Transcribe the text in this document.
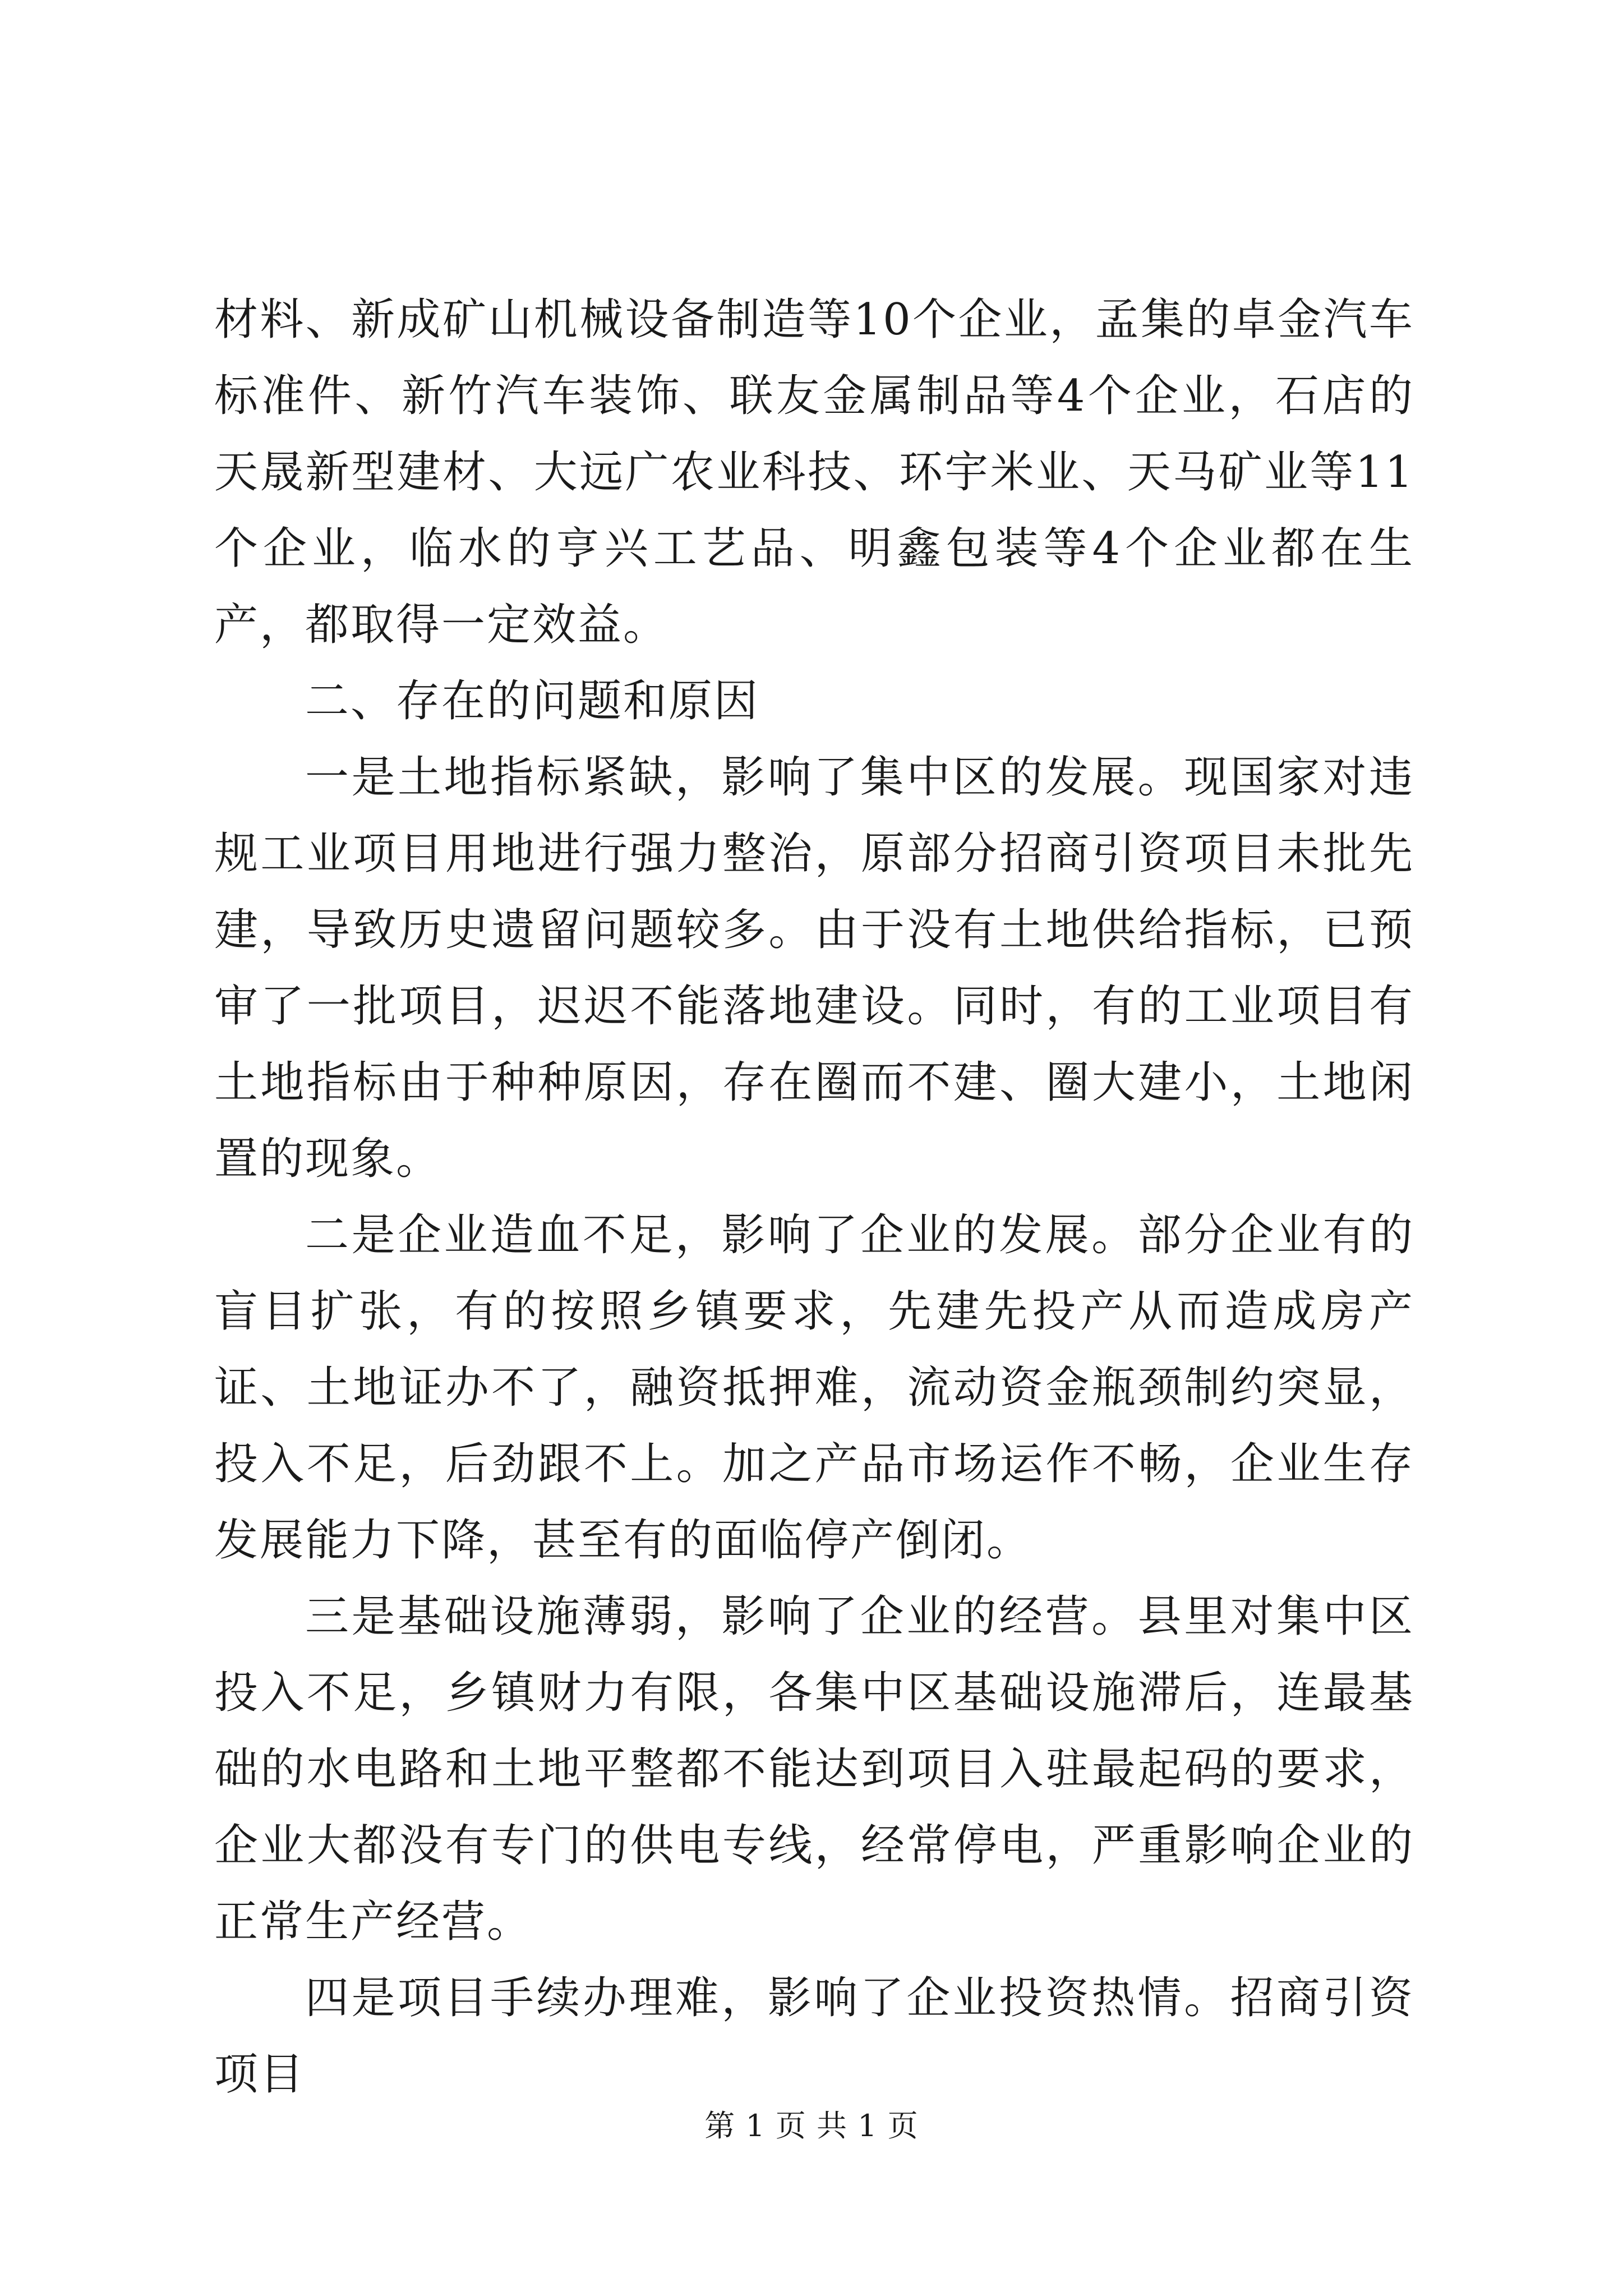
材料、新成矿山机械设备制造等10个企业，孟集的卓金汽车标准件、新竹汽车装饰、联友金属制品等4个企业，石店的天晟新型建材、大远广农业科技、环宇米业、天马矿业等11个企业，临水的亨兴工艺品、明鑫包装等4个企业都在生产，都取得一定效益。

二、存在的问题和原因

一是土地指标紧缺，影响了集中区的发展。现国家对违规工业项目用地进行强力整治，原部分招商引资项目未批先建，导致历史遗留问题较多。由于没有土地供给指标，已预审了一批项目，迟迟不能落地建设。同时，有的工业项目有土地指标由于种种原因，存在圈而不建、圈大建小，土地闲置的现象。

二是企业造血不足，影响了企业的发展。部分企业有的盲目扩张，有的按照乡镇要求，先建先投产从而造成房产证、土地证办不了，融资抵押难，流动资金瓶颈制约突显，投入不足，后劲跟不上。加之产品市场运作不畅，企业生存发展能力下降，甚至有的面临停产倒闭。

三是基础设施薄弱，影响了企业的经营。县里对集中区投入不足，乡镇财力有限，各集中区基础设施滞后，连最基础的水电路和土地平整都不能达到项目入驻最起码的要求，企业大都没有专门的供电专线，经常停电，严重影响企业的正常生产经营。

四是项目手续办理难，影响了企业投资热情。招商引资项目

第 1 页 共 1 页
